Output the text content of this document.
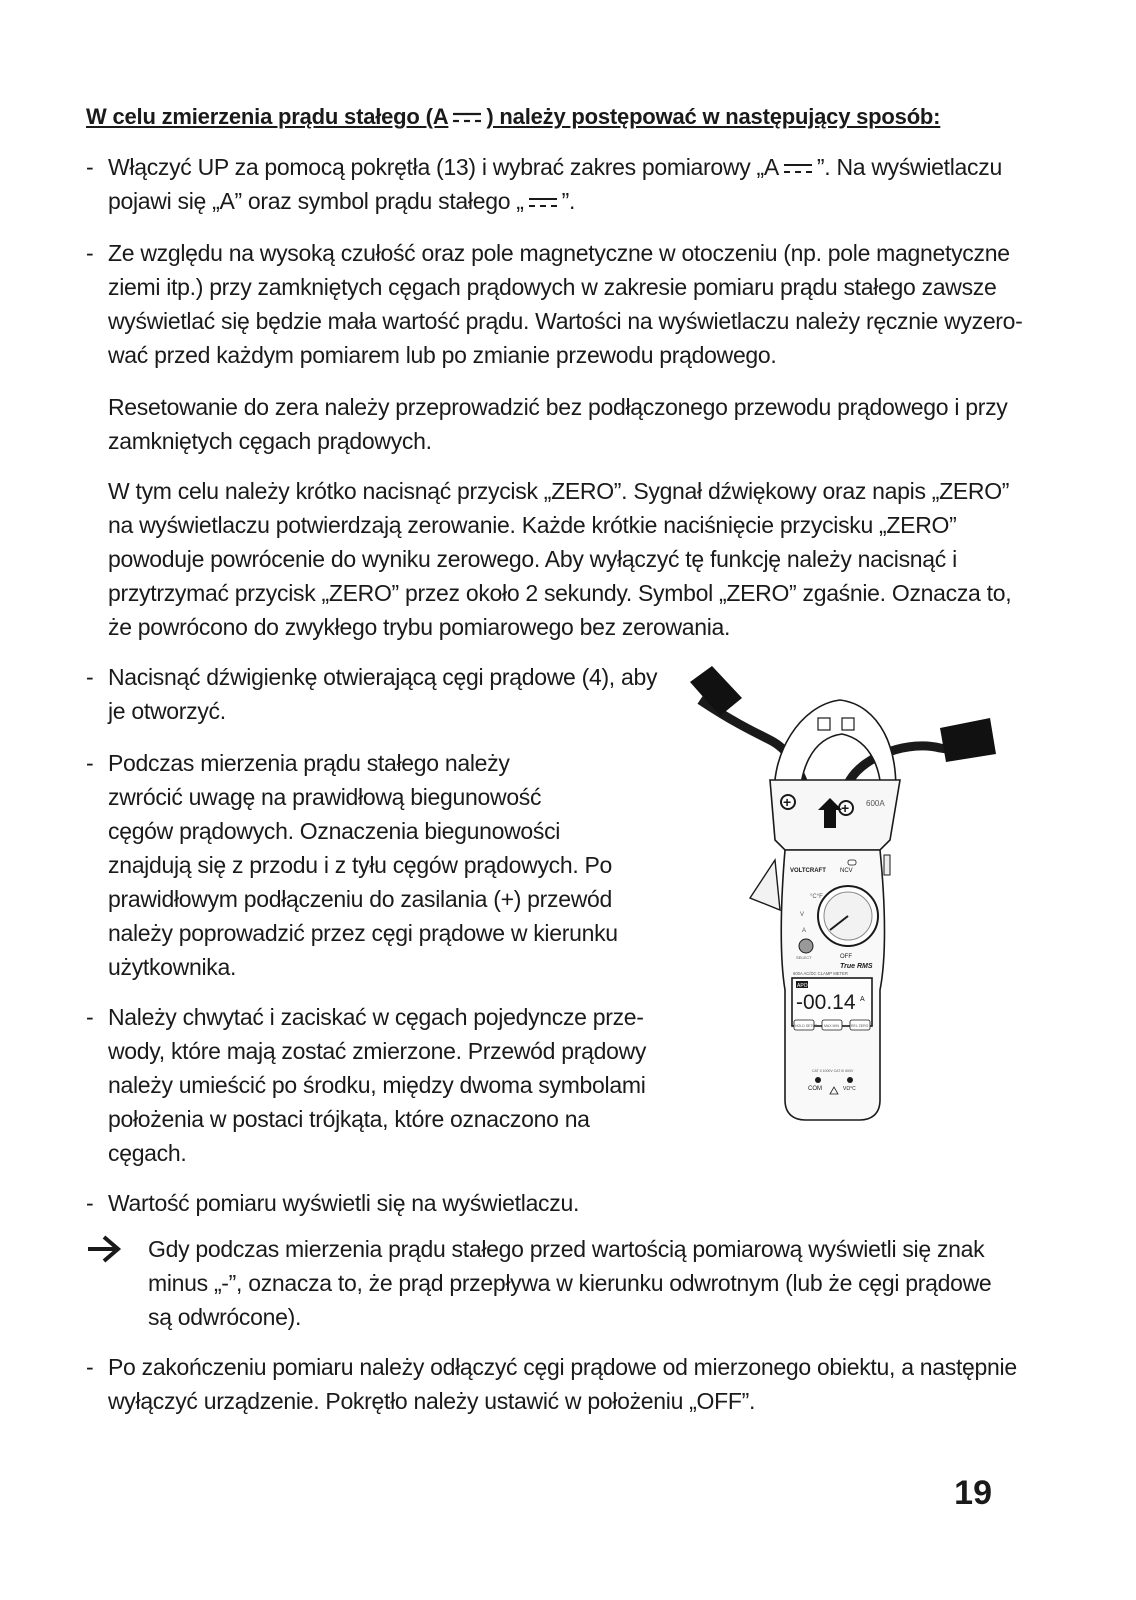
W celu zmierzenia prądu stałego (A ) należy postępować w następujący sposób:
- Włączyć UP za pomocą pokrętła (13) i wybrać zakres pomiarowy „A ”. Na wyświetlaczu
pojawi się „A” oraz symbol prądu stałego „ ”.
- Ze względu na wysoką czułość oraz pole magnetyczne w otoczeniu (np. pole magnetyczne
ziemi itp.) przy zamkniętych cęgach prądowych w zakresie pomiaru prądu stałego zawsze
wyświetlać się będzie mała wartość prądu. Wartości na wyświetlaczu należy ręcznie wyzero-
wać przed każdym pomiarem lub po zmianie przewodu prądowego.
Resetowanie do zera należy przeprowadzić bez podłączonego przewodu prądowego i przy
zamkniętych cęgach prądowych.
W tym celu należy krótko nacisnąć przycisk „ZERO”. Sygnał dźwiękowy oraz napis „ZERO”
na wyświetlaczu potwierdzają zerowanie. Każde krótkie naciśnięcie przycisku „ZERO”
powoduje powrócenie do wyniku zerowego. Aby wyłączyć tę funkcję należy nacisnąć i
przytrzymać przycisk „ZERO” przez około 2 sekundy. Symbol „ZERO” zgaśnie. Oznacza to,
że powrócono do zwykłego trybu pomiarowego bez zerowania.
- Nacisnąć dźwigienkę otwierającą cęgi prądowe (4), aby
je otworzyć.
- Podczas mierzenia prądu stałego należy
zwrócić uwagę na prawidłową biegunowość
cęgów prądowych. Oznaczenia biegunowości
znajdują się z przodu i z tyłu cęgów prądowych. Po
prawidłowym podłączeniu do zasilania (+) przewód
należy poprowadzić przez cęgi prądowe w kierunku
użytkownika.
- Należy chwytać i zaciskać w cęgach pojedyncze prze-
wody, które mają zostać zmierzone. Przewód prądowy
należy umieścić po środku, między dwoma symbolami
położenia w postaci trójkąta, które oznaczono na
cęgach.
- Wartość pomiaru wyświetli się na wyświetlaczu.
Gdy podczas mierzenia prądu stałego przed wartością pomiarową wyświetli się znak
minus „-”, oznacza to, że prąd przepływa w kierunku odwrotnym (lub że cęgi prądowe
są odwrócone).
- Po zakończeniu pomiaru należy odłączyć cęgi prądowe od mierzonego obiektu, a następnie
wyłączyć urządzenie. Pokrętło należy ustawić w położeniu „OFF”.
+	+ 600A
VOLTCRAFT NCV
°C°F
V
A
OFF
SELECT
True RMS
600A AC/DC CLAMP METER
APO
-00.14 A
HOLD SETUP MAX MIN	REL ZERO
CAT II 1000V CAT III 600V
COM	VΩ°C
19
